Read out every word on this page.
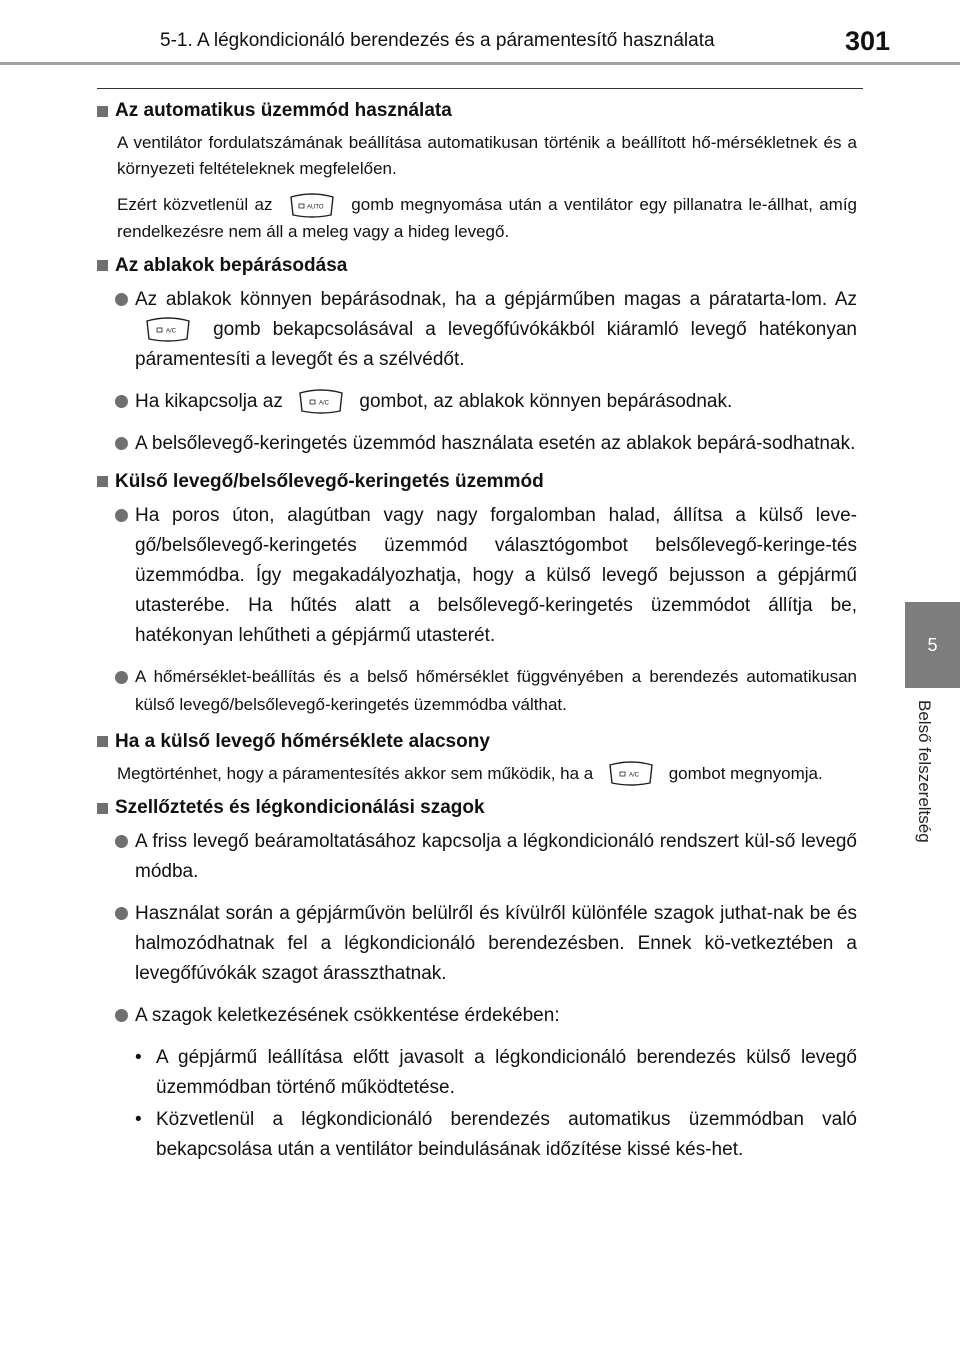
5-1. A légkondicionáló berendezés és a páramentesítő használata	301
5
Belső felszereltség
Az automatikus üzemmód használata

A ventilátor fordulatszámának beállítása automatikusan történik a beállított hő-mérsékletnek és a környezeti feltételeknek megfelelően.

Ezért közvetlenül az	AUTO gomb megnyomása után a ventilátor egy pillanatra le-állhat, amíg rendelkezésre nem áll a meleg vagy a hideg levegő.

Az ablakok bepárásodása
Az ablakok könnyen bepárásodnak, ha a gépjárműben magas a páratarta-lom. Az
A/C gomb bekapcsolásával a levegőfúvókákból kiáramló levegő hatékonyan páramentesíti a levegőt és a szélvédőt.
Ha kikapcsolja az	A/C gombot, az ablakok könnyen bepárásodnak.
A belsőlevegő-keringetés üzemmód használata esetén az ablakok bepárá-sodhatnak.
Külső levegő/belsőlevegő-keringetés üzemmód
Ha poros úton, alagútban vagy nagy forgalomban halad, állítsa a külső leve-gő/belsőlevegő-keringetés üzemmód választógombot belsőlevegő-keringe-tés üzemmódba. Így megakadályozhatja, hogy a külső levegő bejusson a gépjármű utasterébe. Ha hűtés alatt a belsőlevegő-keringetés üzemmódot állítja be, hatékonyan lehűtheti a gépjármű utasterét.
A hőmérséklet-beállítás és a belső hőmérséklet függvényében a berendezés automatikusan külső levegő/belsőlevegő-keringetés üzemmódba válthat.
Ha a külső levegő hőmérséklete alacsony

Megtörténhet, hogy a páramentesítés akkor sem működik, ha a	A/C gombot megnyomja.

Szellőztetés és légkondicionálási szagok
A friss levegő beáramoltatásához kapcsolja a légkondicionáló rendszert kül-ső levegő módba.
Használat során a gépjárművön belülről és kívülről különféle szagok juthat-nak be és halmozódhatnak fel a légkondicionáló berendezésben. Ennek kö-vetkeztében a levegőfúvókák szagot árasszthatnak.
A szagok keletkezésének csökkentése érdekében:
• A gépjármű leállítása előtt javasolt a légkondicionáló berendezés külső levegő üzemmódban történő működtetése.
• Közvetlenül a légkondicionáló berendezés automatikus üzemmódban való bekapcsolása után a ventilátor beindulásának időzítése kissé kés-het.
